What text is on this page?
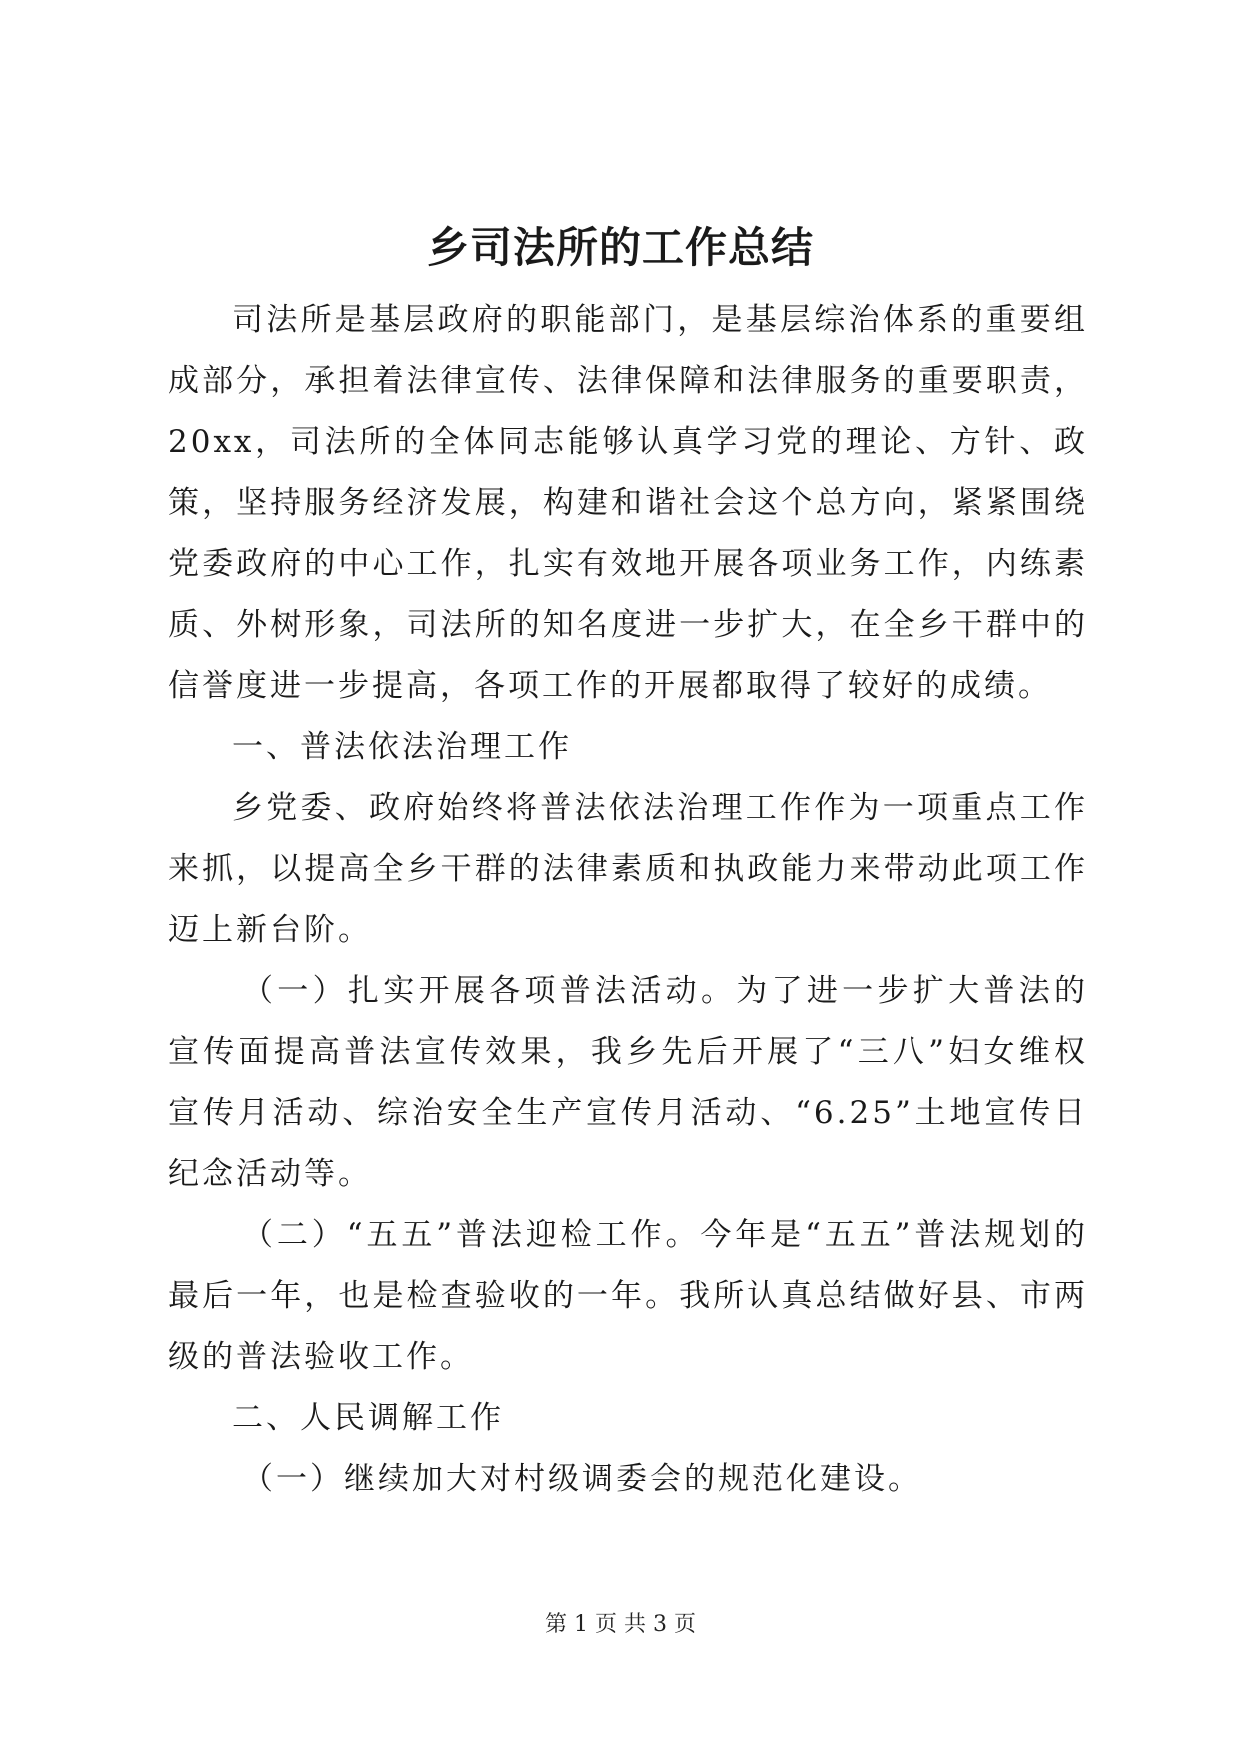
乡司法所的工作总结

司法所是基层政府的职能部门，是基层综治体系的重要组成部分，承担着法律宣传、法律保障和法律服务的重要职责，20xx，司法所的全体同志能够认真学习党的理论、方针、政策，坚持服务经济发展，构建和谐社会这个总方向，紧紧围绕党委政府的中心工作，扎实有效地开展各项业务工作，内练素质、外树形象，司法所的知名度进一步扩大，在全乡干群中的信誉度进一步提高，各项工作的开展都取得了较好的成绩。

一、普法依法治理工作

乡党委、政府始终将普法依法治理工作作为一项重点工作来抓，以提高全乡干群的法律素质和执政能力来带动此项工作迈上新台阶。

（一）扎实开展各项普法活动。为了进一步扩大普法的宣传面提高普法宣传效果，我乡先后开展了“三八”妇女维权宣传月活动、综治安全生产宣传月活动、“6.25”土地宣传日纪念活动等。

（二）“五五”普法迎检工作。今年是“五五”普法规划的最后一年，也是检查验收的一年。我所认真总结做好县、市两级的普法验收工作。

二、人民调解工作

（一）继续加大对村级调委会的规范化建设。

第 1 页 共 3 页
